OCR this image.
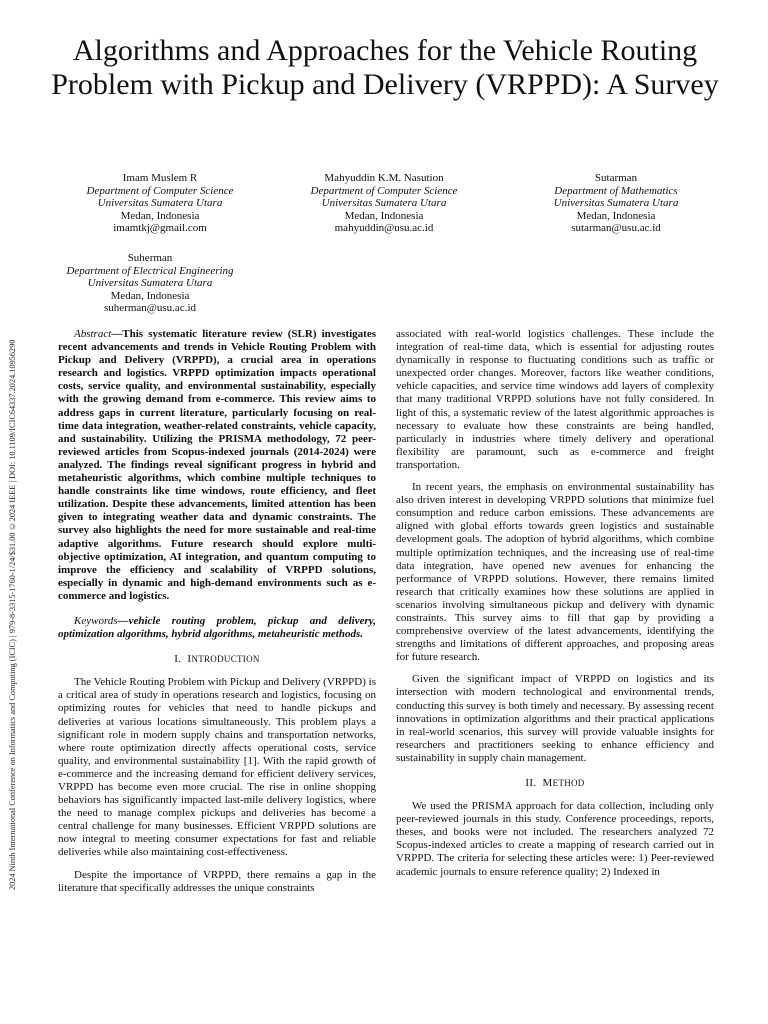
2024 Ninth International Conference on Informatics and Computing (ICIC) | 979-8-3315-1760-1/24/$31.00 ©2024 IEEE | DOI: 10.1109/ICIC64337.2024.10956290
Algorithms and Approaches for the Vehicle Routing Problem with Pickup and Delivery (VRPPD): A Survey
Imam Muslem R
Department of Computer Science
Universitas Sumatera Utara
Medan, Indonesia
imamtkj@gmail.com
Mahyuddin K.M. Nasution
Department of Computer Science
Universitas Sumatera Utara
Medan, Indonesia
mahyuddin@usu.ac.id
Sutarman
Department of Mathematics
Universitas Sumatera Utara
Medan, Indonesia
sutarman@usu.ac.id
Suherman
Department of Electrical Engineering
Universitas Sumatera Utara
Medan, Indonesia
suherman@usu.ac.id

Abstract—This systematic literature review (SLR) investigates recent advancements and trends in Vehicle Routing Problem with Pickup and Delivery (VRPPD), a crucial area in operations research and logistics. VRPPD optimization impacts operational costs, service quality, and environmental sustainability, especially with the growing demand from e-commerce. This review aims to address gaps in current literature, particularly focusing on real-time data integration, weather-related constraints, vehicle capacity, and sustainability. Utilizing the PRISMA methodology, 72 peer-reviewed articles from Scopus-indexed journals (2014-2024) were analyzed. The findings reveal significant progress in hybrid and metaheuristic algorithms, which combine multiple techniques to handle constraints like time windows, route efficiency, and fleet utilization. Despite these advancements, limited attention has been given to integrating weather data and dynamic constraints. The survey also highlights the need for more sustainable and real-time adaptive algorithms. Future research should explore multi-objective optimization, AI integration, and quantum computing to improve the efficiency and scalability of VRPPD solutions, especially in dynamic and high-demand environments such as e-commerce and logistics.

Keywords—vehicle routing problem, pickup and delivery, optimization algorithms, hybrid algorithms, metaheuristic methods.

I. INTRODUCTION

The Vehicle Routing Problem with Pickup and Delivery (VRPPD) is a critical area of study in operations research and logistics, focusing on optimizing routes for vehicles that need to handle pickups and deliveries at various locations simultaneously. This problem plays a significant role in modern supply chains and transportation networks, where route optimization directly affects operational costs, service quality, and environmental sustainability [1]. With the rapid growth of e-commerce and the increasing demand for efficient delivery services, VRPPD has become even more crucial. The rise in online shopping behaviors has significantly impacted last-mile delivery logistics, where the need to manage complex pickups and deliveries has become a central challenge for many businesses. Efficient VRPPD solutions are now integral to meeting consumer expectations for fast and reliable deliveries while also maintaining cost-effectiveness.

Despite the importance of VRPPD, there remains a gap in the literature that specifically addresses the unique constraints

associated with real-world logistics challenges. These include the integration of real-time data, which is essential for adjusting routes dynamically in response to fluctuating conditions such as traffic or unexpected order changes. Moreover, factors like weather conditions, vehicle capacities, and service time windows add layers of complexity that many traditional VRPPD solutions have not fully considered. In light of this, a systematic review of the latest algorithmic approaches is necessary to evaluate how these constraints are being handled, particularly in industries where timely delivery and operational flexibility are paramount, such as e-commerce and freight transportation.

In recent years, the emphasis on environmental sustainability has also driven interest in developing VRPPD solutions that minimize fuel consumption and reduce carbon emissions. These advancements are aligned with global efforts towards green logistics and sustainable development goals. The adoption of hybrid algorithms, which combine multiple optimization techniques, and the increasing use of real-time data integration, have opened new avenues for enhancing the performance of VRPPD solutions. However, there remains limited research that critically examines how these solutions are applied in scenarios involving simultaneous pickup and delivery with dynamic constraints. This survey aims to fill that gap by providing a comprehensive overview of the latest advancements, identifying the strengths and limitations of different approaches, and proposing areas for future research.

Given the significant impact of VRPPD on logistics and its intersection with modern technological and environmental trends, conducting this survey is both timely and necessary. By assessing recent innovations in optimization algorithms and their practical applications in real-world scenarios, this survey will provide valuable insights for researchers and practitioners seeking to enhance efficiency and sustainability in supply chain management.

II. METHOD

We used the PRISMA approach for data collection, including only peer-reviewed journals in this study. Conference proceedings, reports, theses, and books were not included. The researchers analyzed 72 Scopus-indexed articles to create a mapping of research carried out in VRPPD. The criteria for selecting these articles were: 1) Peer-reviewed academic journals to ensure reference quality; 2) Indexed in
